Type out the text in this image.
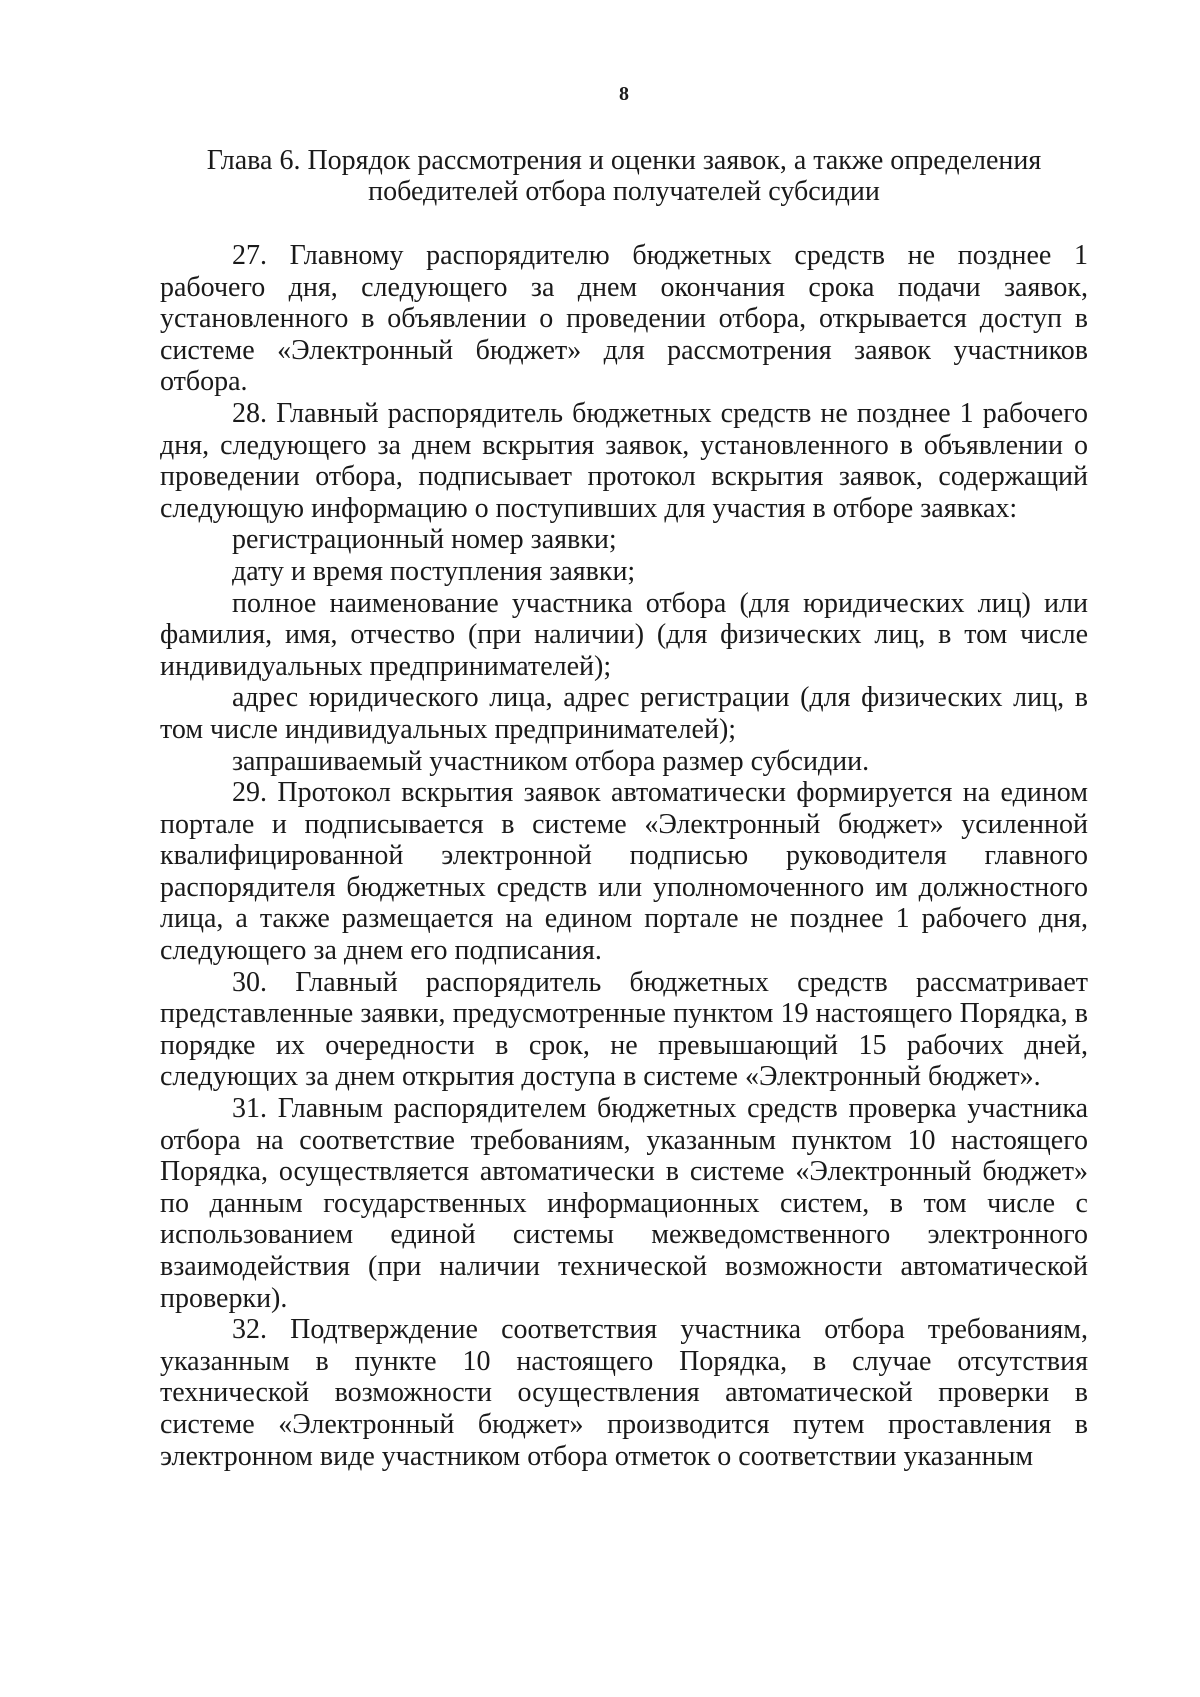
8
Глава 6. Порядок рассмотрения и оценки заявок, а также определения
победителей отбора получателей субсидии

27. Главному распорядителю бюджетных средств не позднее 1 рабочего дня, следующего за днем окончания срока подачи заявок, установленного в объявлении о проведении отбора, открывается доступ в системе «Электронный бюджет» для рассмотрения заявок участников отбора.

28. Главный распорядитель бюджетных средств не позднее 1 рабочего дня, следующего за днем вскрытия заявок, установленного в объявлении о проведении отбора, подписывает протокол вскрытия заявок, содержащий следующую информацию о поступивших для участия в отборе заявках:

регистрационный номер заявки;

дату и время поступления заявки;

полное наименование участника отбора (для юридических лиц) или фамилия, имя, отчество (при наличии) (для физических лиц, в том числе индивидуальных предпринимателей);

адрес юридического лица, адрес регистрации (для физических лиц, в том числе индивидуальных предпринимателей);

запрашиваемый участником отбора размер субсидии.

29. Протокол вскрытия заявок автоматически формируется на едином портале и подписывается в системе «Электронный бюджет» усиленной квалифицированной электронной подписью руководителя главного распорядителя бюджетных средств или уполномоченного им должностного лица, а также размещается на едином портале не позднее 1 рабочего дня, следующего за днем его подписания.

30. Главный распорядитель бюджетных средств рассматривает представленные заявки, предусмотренные пунктом 19 настоящего Порядка, в порядке их очередности в срок, не превышающий 15 рабочих дней, следующих за днем открытия доступа в системе «Электронный бюджет».

31. Главным распорядителем бюджетных средств проверка участника отбора на соответствие требованиям, указанным пунктом 10 настоящего Порядка, осуществляется автоматически в системе «Электронный бюджет» по данным государственных информационных систем, в том числе с использованием единой системы межведомственного электронного взаимодействия (при наличии технической возможности автоматической проверки).

32. Подтверждение соответствия участника отбора требованиям, указанным в пункте 10 настоящего Порядка, в случае отсутствия технической возможности осуществления автоматической проверки в системе «Электронный бюджет» производится путем проставления в электронном виде участником отбора отметок о соответствии указанным
